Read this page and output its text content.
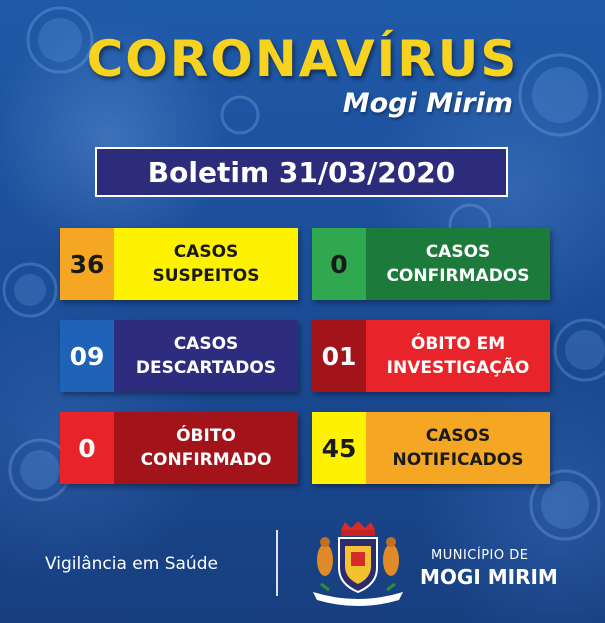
CORONAVÍRUS
Mogi Mirim
Boletim 31/03/2020
36	CASOS
SUSPEITOS	0	CASOS
CONFIRMADOS
09	CASOS
DESCARTADOS	01	ÓBITO EM
INVESTIGAÇÃO
0	ÓBITO
CONFIRMADO	45	CASOS
NOTIFICADOS
Vigilância em Saúde	MUNICÍPIO DE
MOGI MIRIM
